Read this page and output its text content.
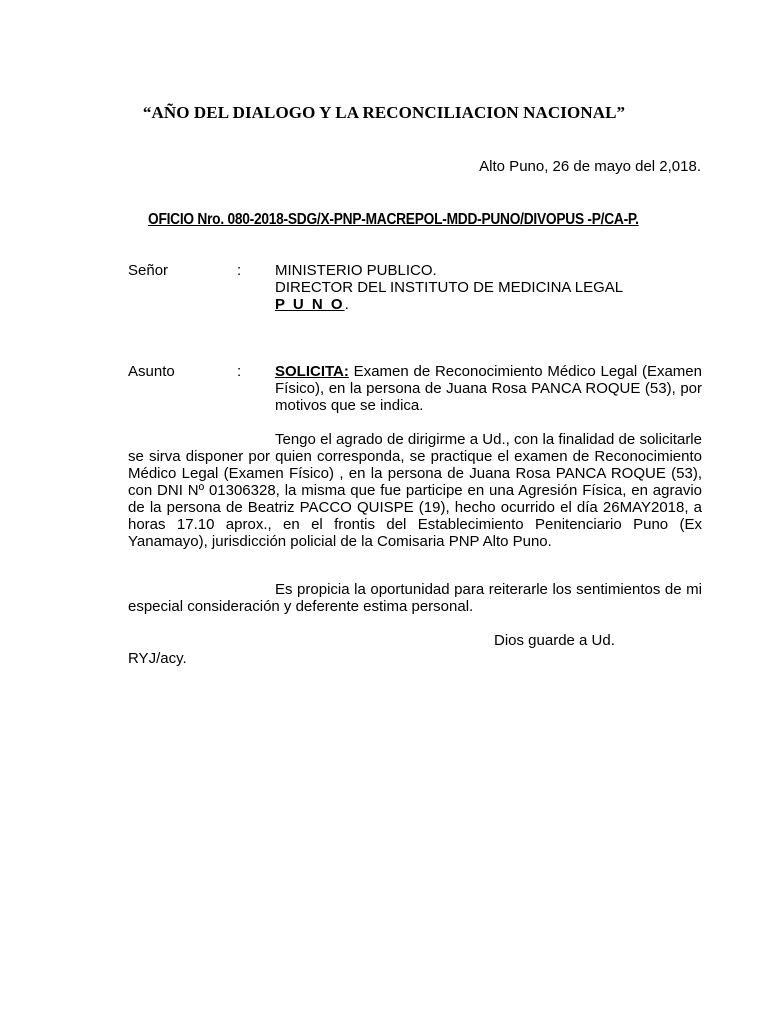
“AÑO DEL DIALOGO Y LA RECONCILIACION NACIONAL”
Alto Puno, 26 de mayo del 2,018.
OFICIO Nro. 080-2018-SDG/X-PNP-MACREPOL-MDD-PUNO/DIVOPUS -P/CA-P.
Señor	: MINISTERIO PUBLICO.
DIRECTOR DEL INSTITUTO DE MEDICINA LEGAL
P U N O.
Asunto	: SOLICITA: Examen de Reconocimiento Médico Legal (Examen Físico), en la persona de Juana Rosa PANCA ROQUE (53), por motivos que se indica.
Tengo el agrado de dirigirme a Ud., con la finalidad de solicitarle se sirva disponer por quien corresponda, se practique el examen de Reconocimiento Médico Legal (Examen Físico) , en la persona de Juana Rosa PANCA ROQUE (53), con DNI Nº 01306328, la misma que fue participe en una Agresión Física, en agravio de la persona de Beatriz PACCO QUISPE (19), hecho ocurrido el día 26MAY2018, a horas 17.10 aprox., en el frontis del Establecimiento Penitenciario Puno (Ex Yanamayo), jurisdicción policial de la Comisaria PNP Alto Puno.
Es propicia la oportunidad para reiterarle los sentimientos de mi especial consideración y deferente estima personal.
Dios guarde a Ud.
RYJ/acy.
